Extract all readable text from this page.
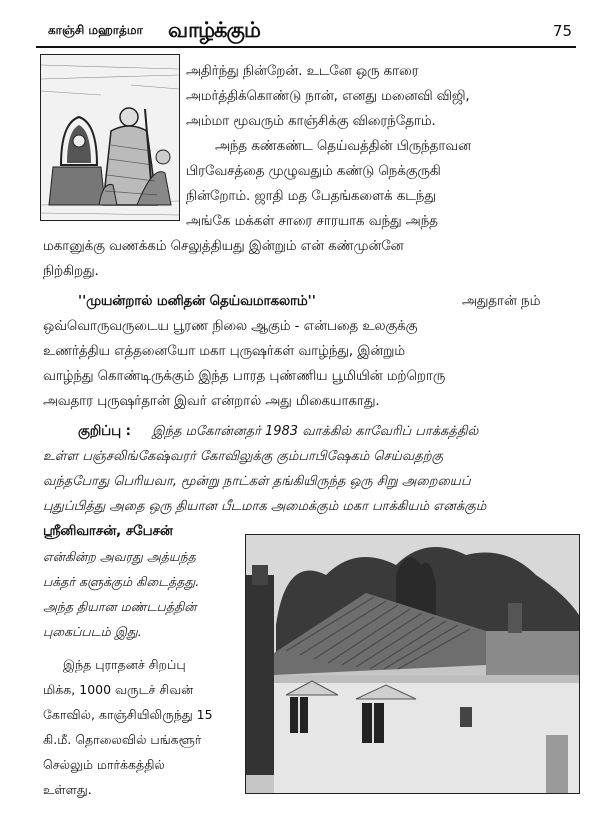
காஞ்சி மஹாத்மா வாழ்க்கும்	75
அதிர்ந்து நின்றேன். உடனே ஒரு காரை
அமர்த்திக்கொண்டு நான், எனது மனைவி விஜி,
அம்மா மூவரும் காஞ்சிக்கு விரைந்தோம்.
அந்த கண்கண்ட தெய்வத்தின் பிருந்தாவன
பிரவேசத்தை முழுவதும் கண்டு நெக்குருகி
நின்றோம். ஜாதி மத பேதங்களைக் கடந்து
அங்கே மக்கள் சாரை சாரயாக வந்து அந்த
மகானுக்கு வணக்கம் செலுத்தியது இன்றும் என் கண்முன்னே
நிற்கிறது.
''முயன்றால் மனிதன் தெய்வமாகலாம்''	அதுதான் நம்
ஒவ்வொருவருடைய பூரண நிலை ஆகும் - என்பதை உலகுக்கு
உணர்த்திய எத்தனையோ மகா புருஷர்கள் வாழ்ந்து, இன்றும்
வாழ்ந்து கொண்டிருக்கும் இந்த பாரத புண்ணிய பூமியின் மற்றொரு
அவதார புருஷர்தான் இவர் என்றால் அது மிகையாகாது.
குறிப்பு : இந்த மகோன்னதர் 1983 வாக்கில் காவேரிப் பாக்கத்தில்
உள்ள பஞ்சலிங்கேஷ்வரர் கோவிலுக்கு கும்பாபிஷேகம் செய்வதற்கு
வந்தபோது பெரியவா, மூன்று நாட்கள் தங்கியிருந்த ஒரு சிறு அறையைப்
புதுப்பித்து அதை ஒரு தியான பீடமாக அமைக்கும் மகா பாக்கியம் எனக்கும்
ஸ்ரீனிவாசன், சபேசன்
என்கின்ற அவரது அத்யந்த
பக்தர் களுக்கும் கிடைத்தது.
அந்த தியான மண்டபத்தின்
புகைப்படம் இது.
இந்த புராதனச் சிறப்பு
மிக்க, 1000 வருடச் சிவன்
கோவில், காஞ்சியிலிருந்து 15
கி.மீ. தொலைவில் பங்களூர்
செல்லும் மார்க்கத்தில்
உள்ளது.
